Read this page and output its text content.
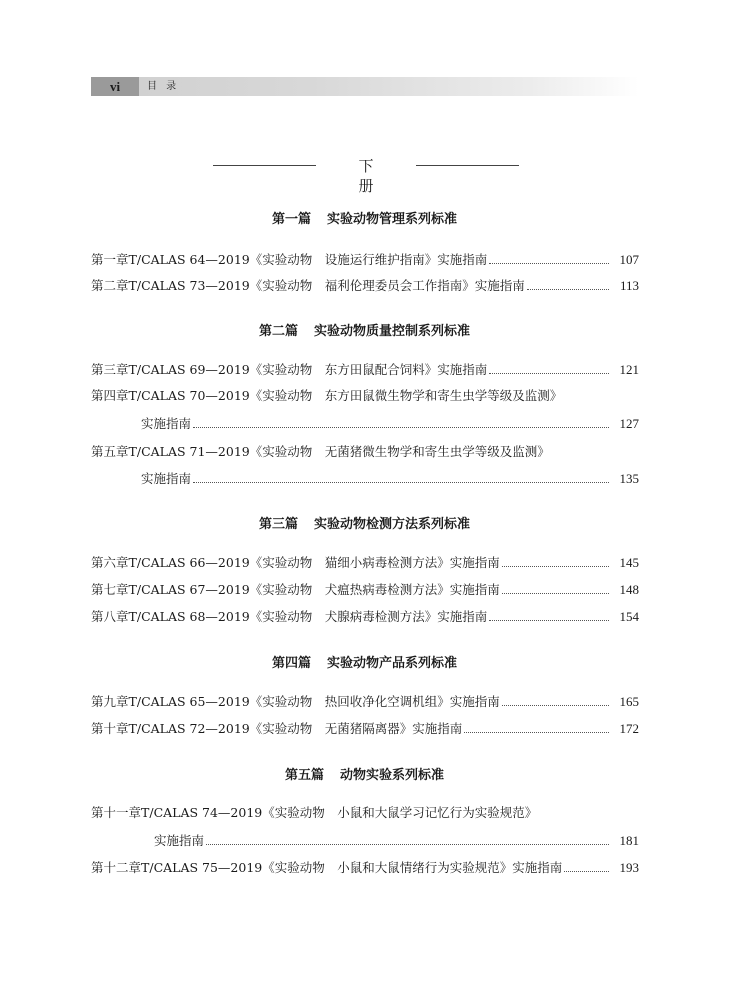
vi	目 录
下 册
第一篇 实验动物管理系列标准
第一章 T/CALAS 64—2019《实验动物　设施运行维护指南》实施指南	107
第二章 T/CALAS 73—2019《实验动物　福利伦理委员会工作指南》实施指南	113
第二篇 实验动物质量控制系列标准
第三章 T/CALAS 69—2019《实验动物　东方田鼠配合饲料》实施指南	121
第四章 T/CALAS 70—2019《实验动物　东方田鼠微生物学和寄生虫学等级及监测》
实施指南	127
第五章 T/CALAS 71—2019《实验动物　无菌猪微生物学和寄生虫学等级及监测》
实施指南	135
第三篇 实验动物检测方法系列标准
第六章 T/CALAS 66—2019《实验动物　猫细小病毒检测方法》实施指南	145
第七章 T/CALAS 67—2019《实验动物　犬瘟热病毒检测方法》实施指南	148
第八章 T/CALAS 68—2019《实验动物　犬腺病毒检测方法》实施指南	154
第四篇 实验动物产品系列标准
第九章 T/CALAS 65—2019《实验动物　热回收净化空调机组》实施指南	165
第十章 T/CALAS 72—2019《实验动物　无菌猪隔离器》实施指南	172
第五篇 动物实验系列标准
第十一章 T/CALAS 74—2019《实验动物　小鼠和大鼠学习记忆行为实验规范》
实施指南	181
第十二章 T/CALAS 75—2019《实验动物　小鼠和大鼠情绪行为实验规范》实施指南	193
